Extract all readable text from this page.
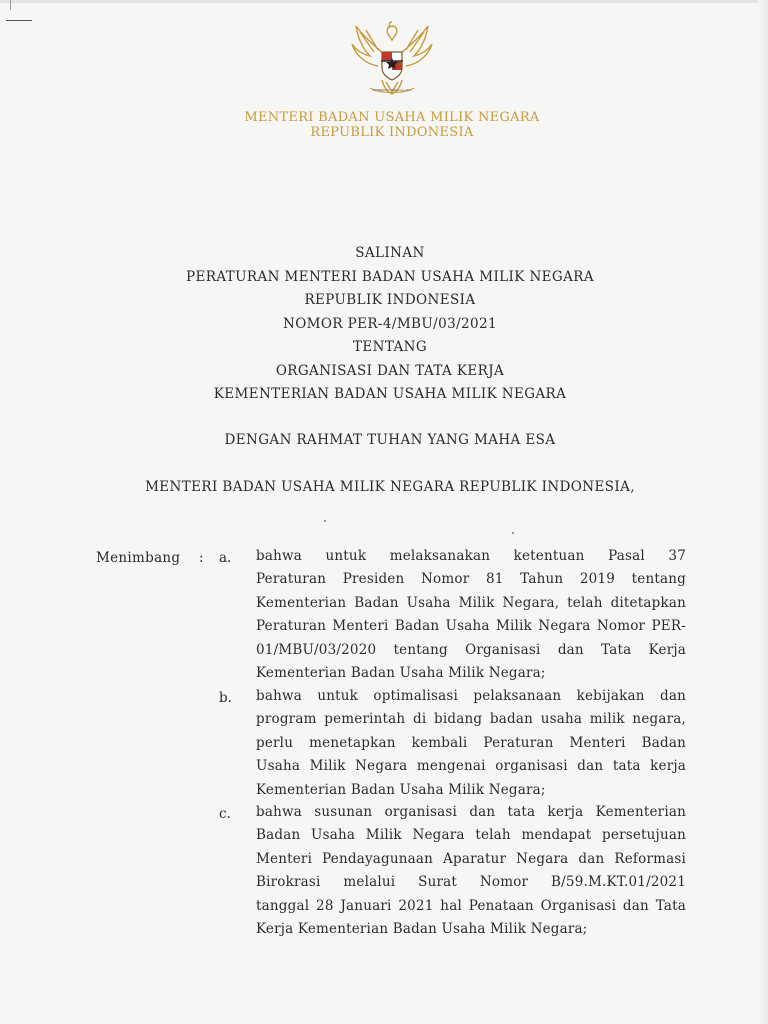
BHINNEKA TUNGGAL IKA
MENTERI BADAN USAHA MILIK NEGARA
REPUBLIK INDONESIA
SALINAN
PERATURAN MENTERI BADAN USAHA MILIK NEGARA
REPUBLIK INDONESIA
NOMOR PER-4/MBU/03/2021
TENTANG
ORGANISASI DAN TATA KERJA
KEMENTERIAN BADAN USAHA MILIK NEGARA
DENGAN RAHMAT TUHAN YANG MAHA ESA
MENTERI BADAN USAHA MILIK NEGARA REPUBLIK INDONESIA,
Menimbang : a. bahwa untuk melaksanakan ketentuan Pasal 37
Peraturan Presiden Nomor 81 Tahun 2019 tentang
Kementerian Badan Usaha Milik Negara, telah ditetapkan
Peraturan Menteri Badan Usaha Milik Negara Nomor PER-
01/MBU/03/2020 tentang Organisasi dan Tata Kerja
Kementerian Badan Usaha Milik Negara;
b. bahwa untuk optimalisasi pelaksanaan kebijakan dan
program pemerintah di bidang badan usaha milik negara,
perlu menetapkan kembali Peraturan Menteri Badan
Usaha Milik Negara mengenai organisasi dan tata kerja
Kementerian Badan Usaha Milik Negara;
c. bahwa susunan organisasi dan tata kerja Kementerian
Badan Usaha Milik Negara telah mendapat persetujuan
Menteri Pendayagunaan Aparatur Negara dan Reformasi
Birokrasi melalui Surat Nomor B/59.M.KT.01/2021
tanggal 28 Januari 2021 hal Penataan Organisasi dan Tata
Kerja Kementerian Badan Usaha Milik Negara;
